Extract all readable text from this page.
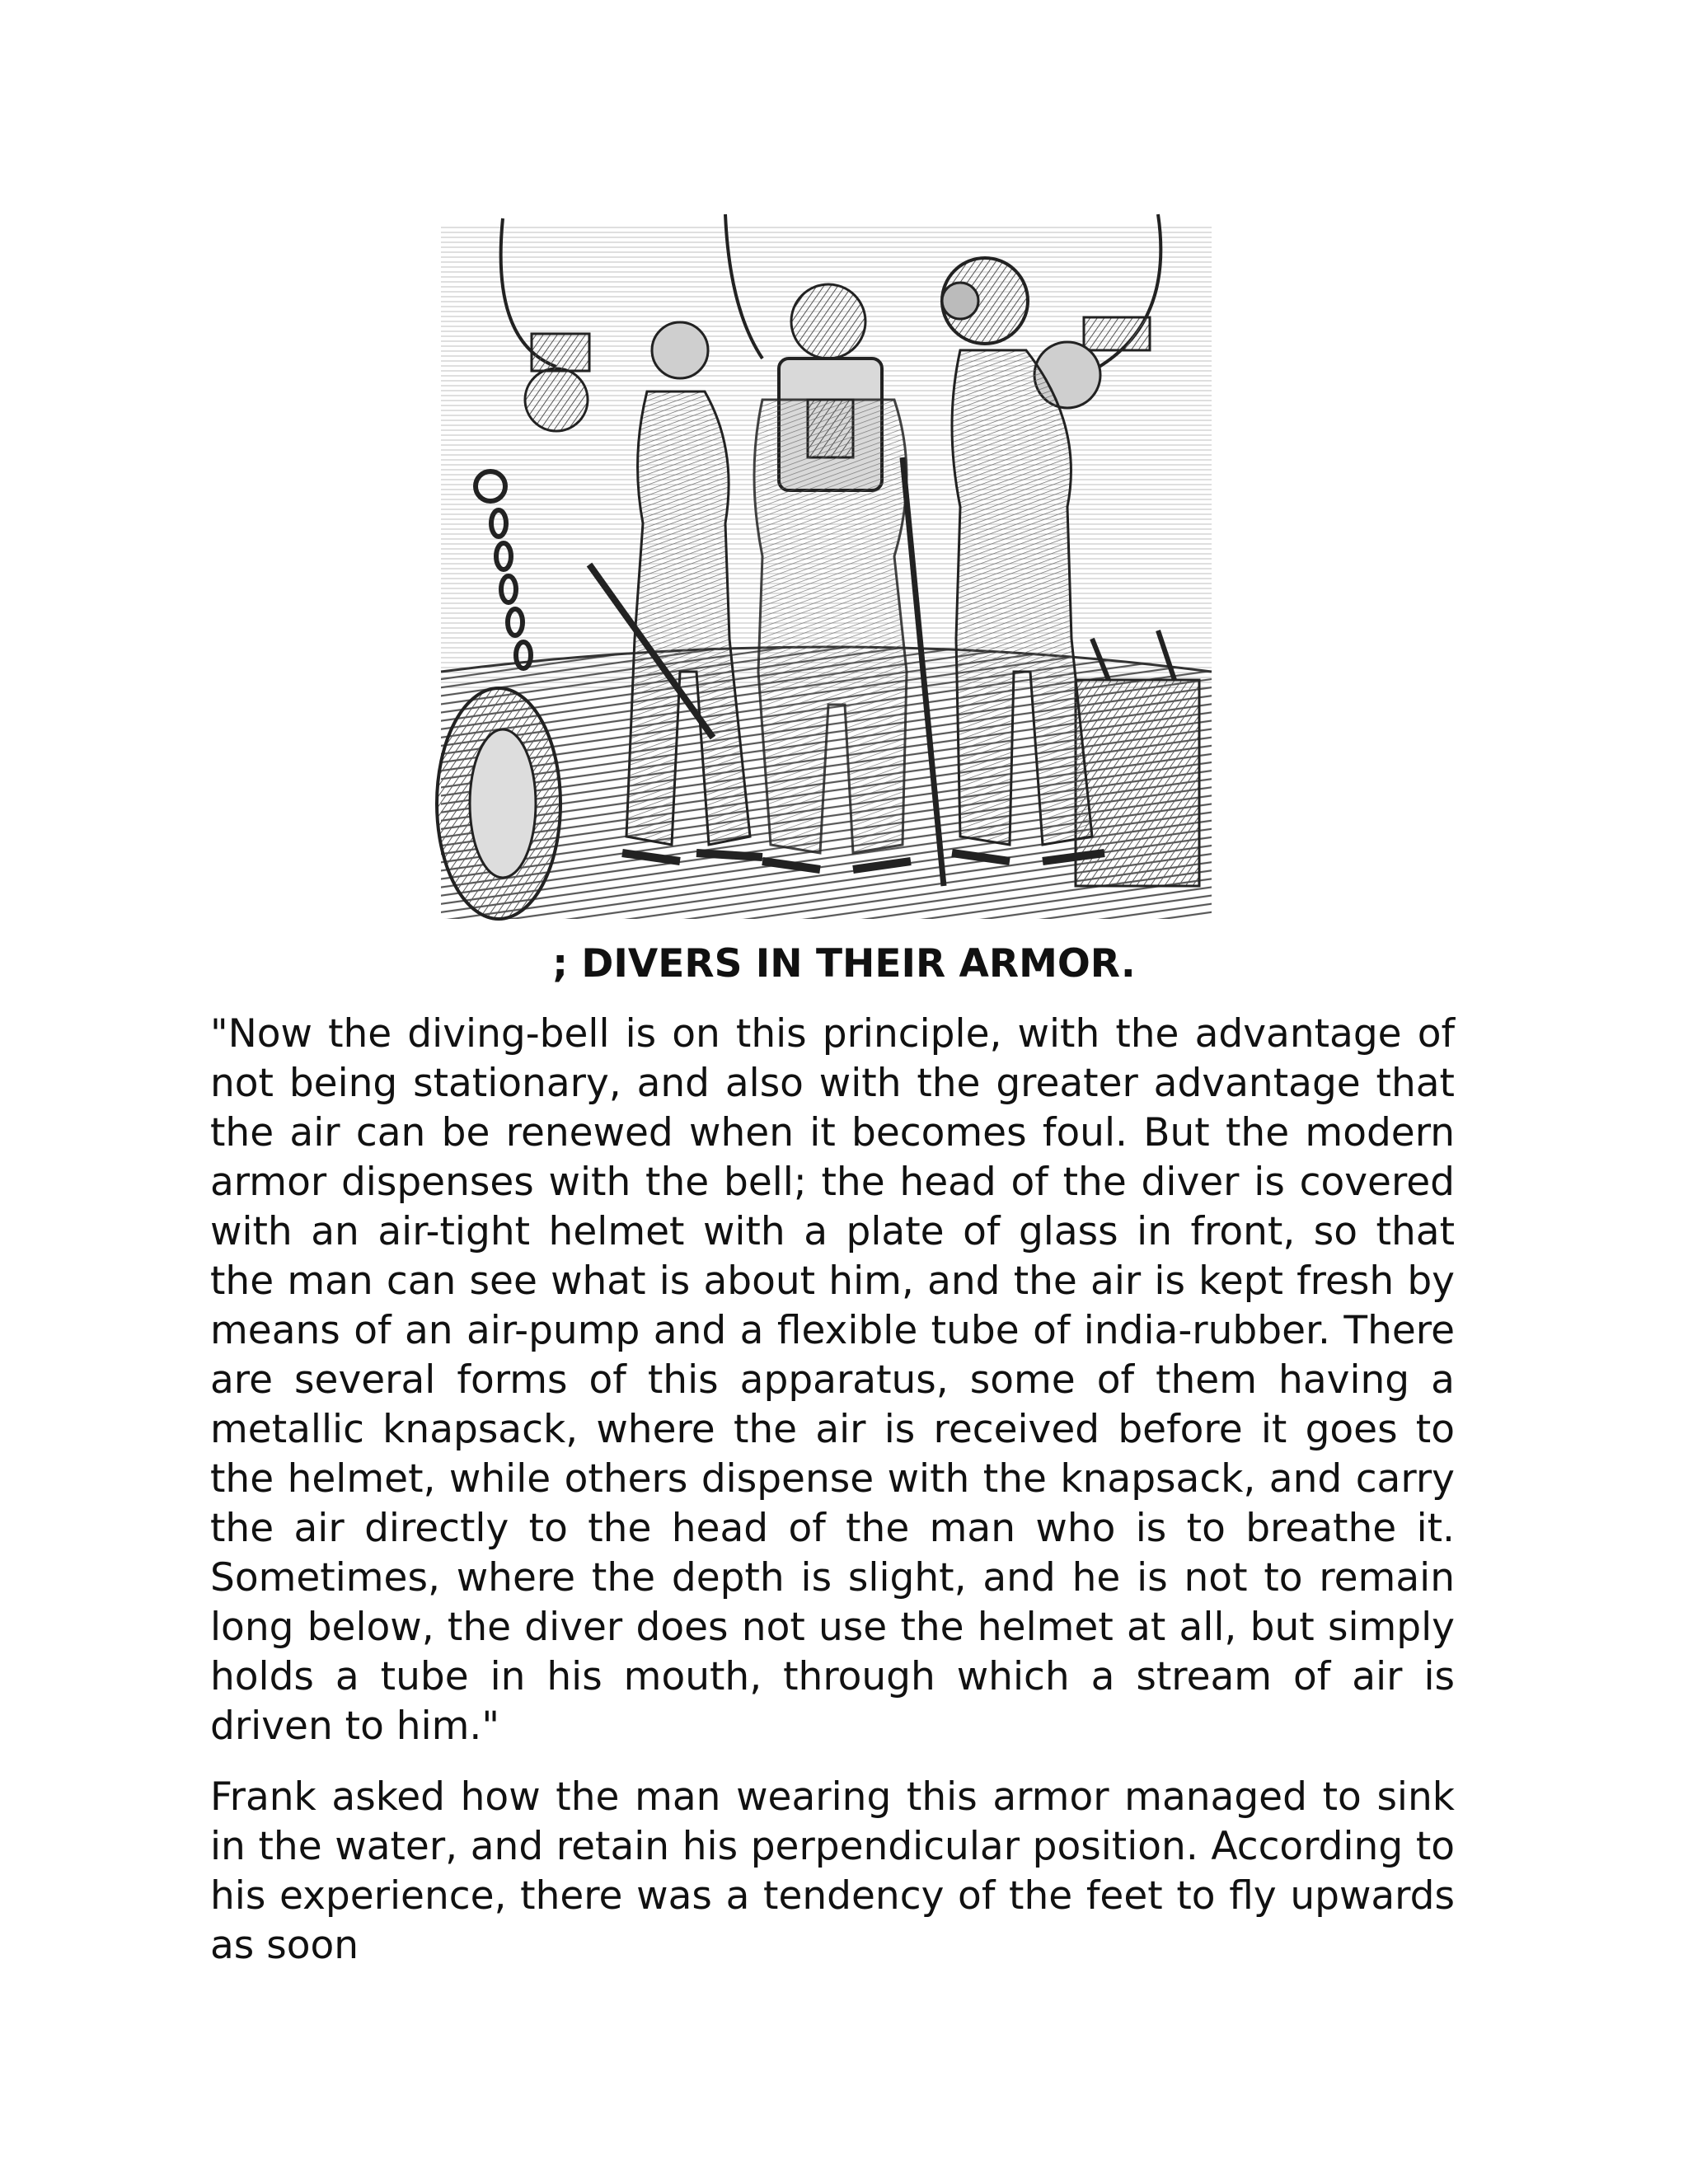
; DIVERS IN THEIR ARMOR.

"Now the diving-bell is on this principle, with the advantage of not being stationary, and also with the greater advantage that the air can be renewed when it becomes foul. But the modern armor dispenses with the bell; the head of the diver is covered with an air-tight helmet with a plate of glass in front, so that the man can see what is about him, and the air is kept fresh by means of an air-pump and a flexible tube of india-rubber. There are several forms of this apparatus, some of them having a metallic knapsack, where the air is received before it goes to the helmet, while others dispense with the knapsack, and carry the air directly to the head of the man who is to breathe it. Sometimes, where the depth is slight, and he is not to remain long below, the diver does not use the helmet at all, but simply holds a tube in his mouth, through which a stream of air is driven to him."

Frank asked how the man wearing this armor managed to sink in the water, and retain his perpendicular position. According to his experience, there was a tendency of the feet to fly upwards as soon
